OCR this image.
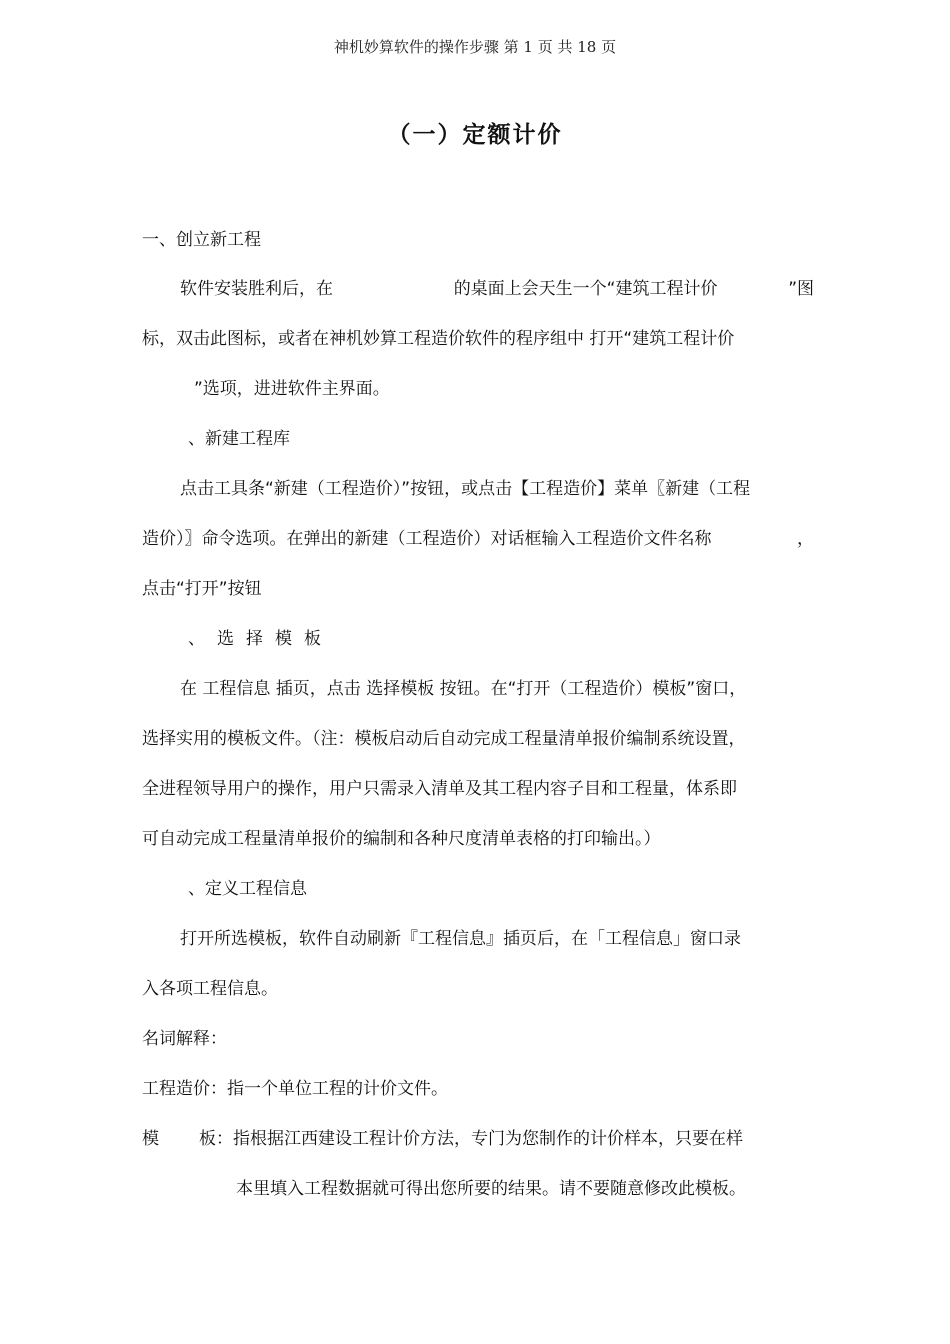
神机妙算软件的操作步骤 第 1 页 共 18 页
（一）定额计价
一、创立新工程
软件安装胜利后，在	的桌面上会天生一个“建筑工程计价	”图
标，双击此图标，或者在神机妙算工程造价软件的程序组中 打开“建筑工程计价
”选项，进进软件主界面。
、新建工程库
点击工具条“新建（工程造价）”按钮，或点击【工程造价】菜单〖新建（工程
造价）〗命令选项。在弹出的新建（工程造价）对话框输入工程造价文件名称	，
点击“打开”按钮
、选择模板
在 工程信息 插页，点击 选择模板 按钮。在“打开（工程造价）模板”窗口，
选择实用的模板文件。（注：模板启动后自动完成工程量清单报价编制系统设置，
全进程领导用户的操作，用户只需录入清单及其工程内容子目和工程量，体系即
可自动完成工程量清单报价的编制和各种尺度清单表格的打印输出。）
、定义工程信息
打开所选模板，软件自动刷新『工程信息』插页后，在「工程信息」窗口录
入各项工程信息。
名词解释：
工程造价：指一个单位工程的计价文件。
模 板：指根据江西建设工程计价方法，专门为您制作的计价样本，只要在样
本里填入工程数据就可得出您所要的结果。请不要随意修改此模板。
